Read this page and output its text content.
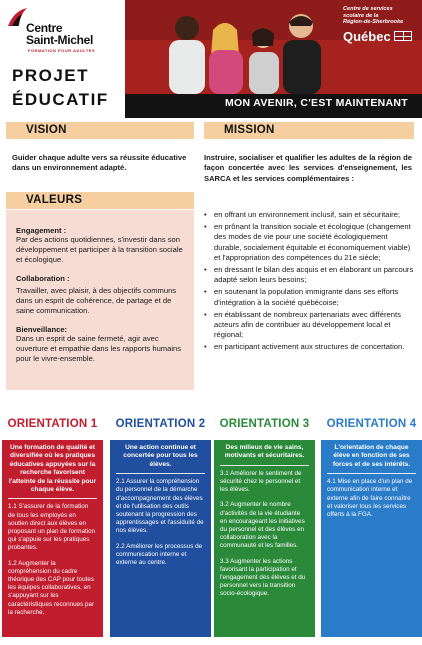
Centre
Saint-Michel
FORMATION POUR ADULTES
PROJET
ÉDUCATIF
Centre de services
scolaire de la
Région-de-Sherbrooke
Québec
MON AVENIR, C'EST MAINTENANT
VISION
Guider chaque adulte vers sa réussite éducative dans un environnement adapté.
VALEURS
Engagement :

Par des actions quotidiennes, s'investir dans son développement et participer à la transition sociale et écologique.

Collaboration :

Travailler, avec plaisir, à des objectifs communs dans un esprit de cohérence, de partage et de saine communication.

Bienveillance:

Dans un esprit de saine fermeté, agir avec ouverture et empathie dans les rapports humains pour le vivre-ensemble.

MISSION
Instruire, socialiser et qualifier les adultes de la région de façon concertée avec les services d'enseignement, les SARCA et les services complémentaires :
• en offrant un environnement inclusif, sain et sécuritaire;
• en prônant la transition sociale et écologique (changement des modes de vie pour une société écologiquement durable, socialement équitable et économiquement viable) et l'appropriation des compétences du 21e siècle;
• en dressant le bilan des acquis et en élaborant un parcours adapté selon leurs besoins;
• en soutenant la population immigrante dans ses efforts d'intégration à la société québécoise;
• en établissant de nombreux partenariats avec différents acteurs afin de contribuer au développement local et régional;
• en participant activement aux structures de concertation.
ORIENTATION 1
Une formation de qualité et diversifiée où les pratiques éducatives appuyées sur la recherche favorisent l'atteinte de la réussite pour chaque élève.
1.1 S'assurer de la formation de tous les employés en soutien direct aux élèves en proposant un plan de formation qui s'appuie sur les pratiques probantes.
1.2 Augmenter la compréhension du cadre théorique des CAP pour toutes les équipes collaboratives, en s'appuyant sur les caractéristiques reconnues par la recherche.
ORIENTATION 2
Une action continue et concertée pour tous les élèves.
2.1 Assurer la compréhension du personnel de la démarche d'accompagnement des élèves et de l'utilisation des outils soutenant la progression des apprentissages et l'assiduité de nos élèves.
2.2 Améliorer les processus de communication interne et externe au centre.
ORIENTATION 3
Des milieux de vie sains, motivants et sécuritaires.
3.1 Améliorer le sentiment de sécurité chez le personnel et les élèves.
3.2 Augmenter le nombre d'activités de la vie étudiante en encourageant les initiatives du personnel et des élèves en collaboration avec la communauté et les familles.
3.3 Augmenter les actions favorisant la participation et l'engagement des élèves et du personnel vers la transition socio-écologique.
ORIENTATION 4
L'orientation de chaque élève en fonction de ses forces et de ses intérêts.
4.1 Mise en place d'un plan de communication interne et externe afin de faire connaître et valoriser tous les services offerts à la FGA.
